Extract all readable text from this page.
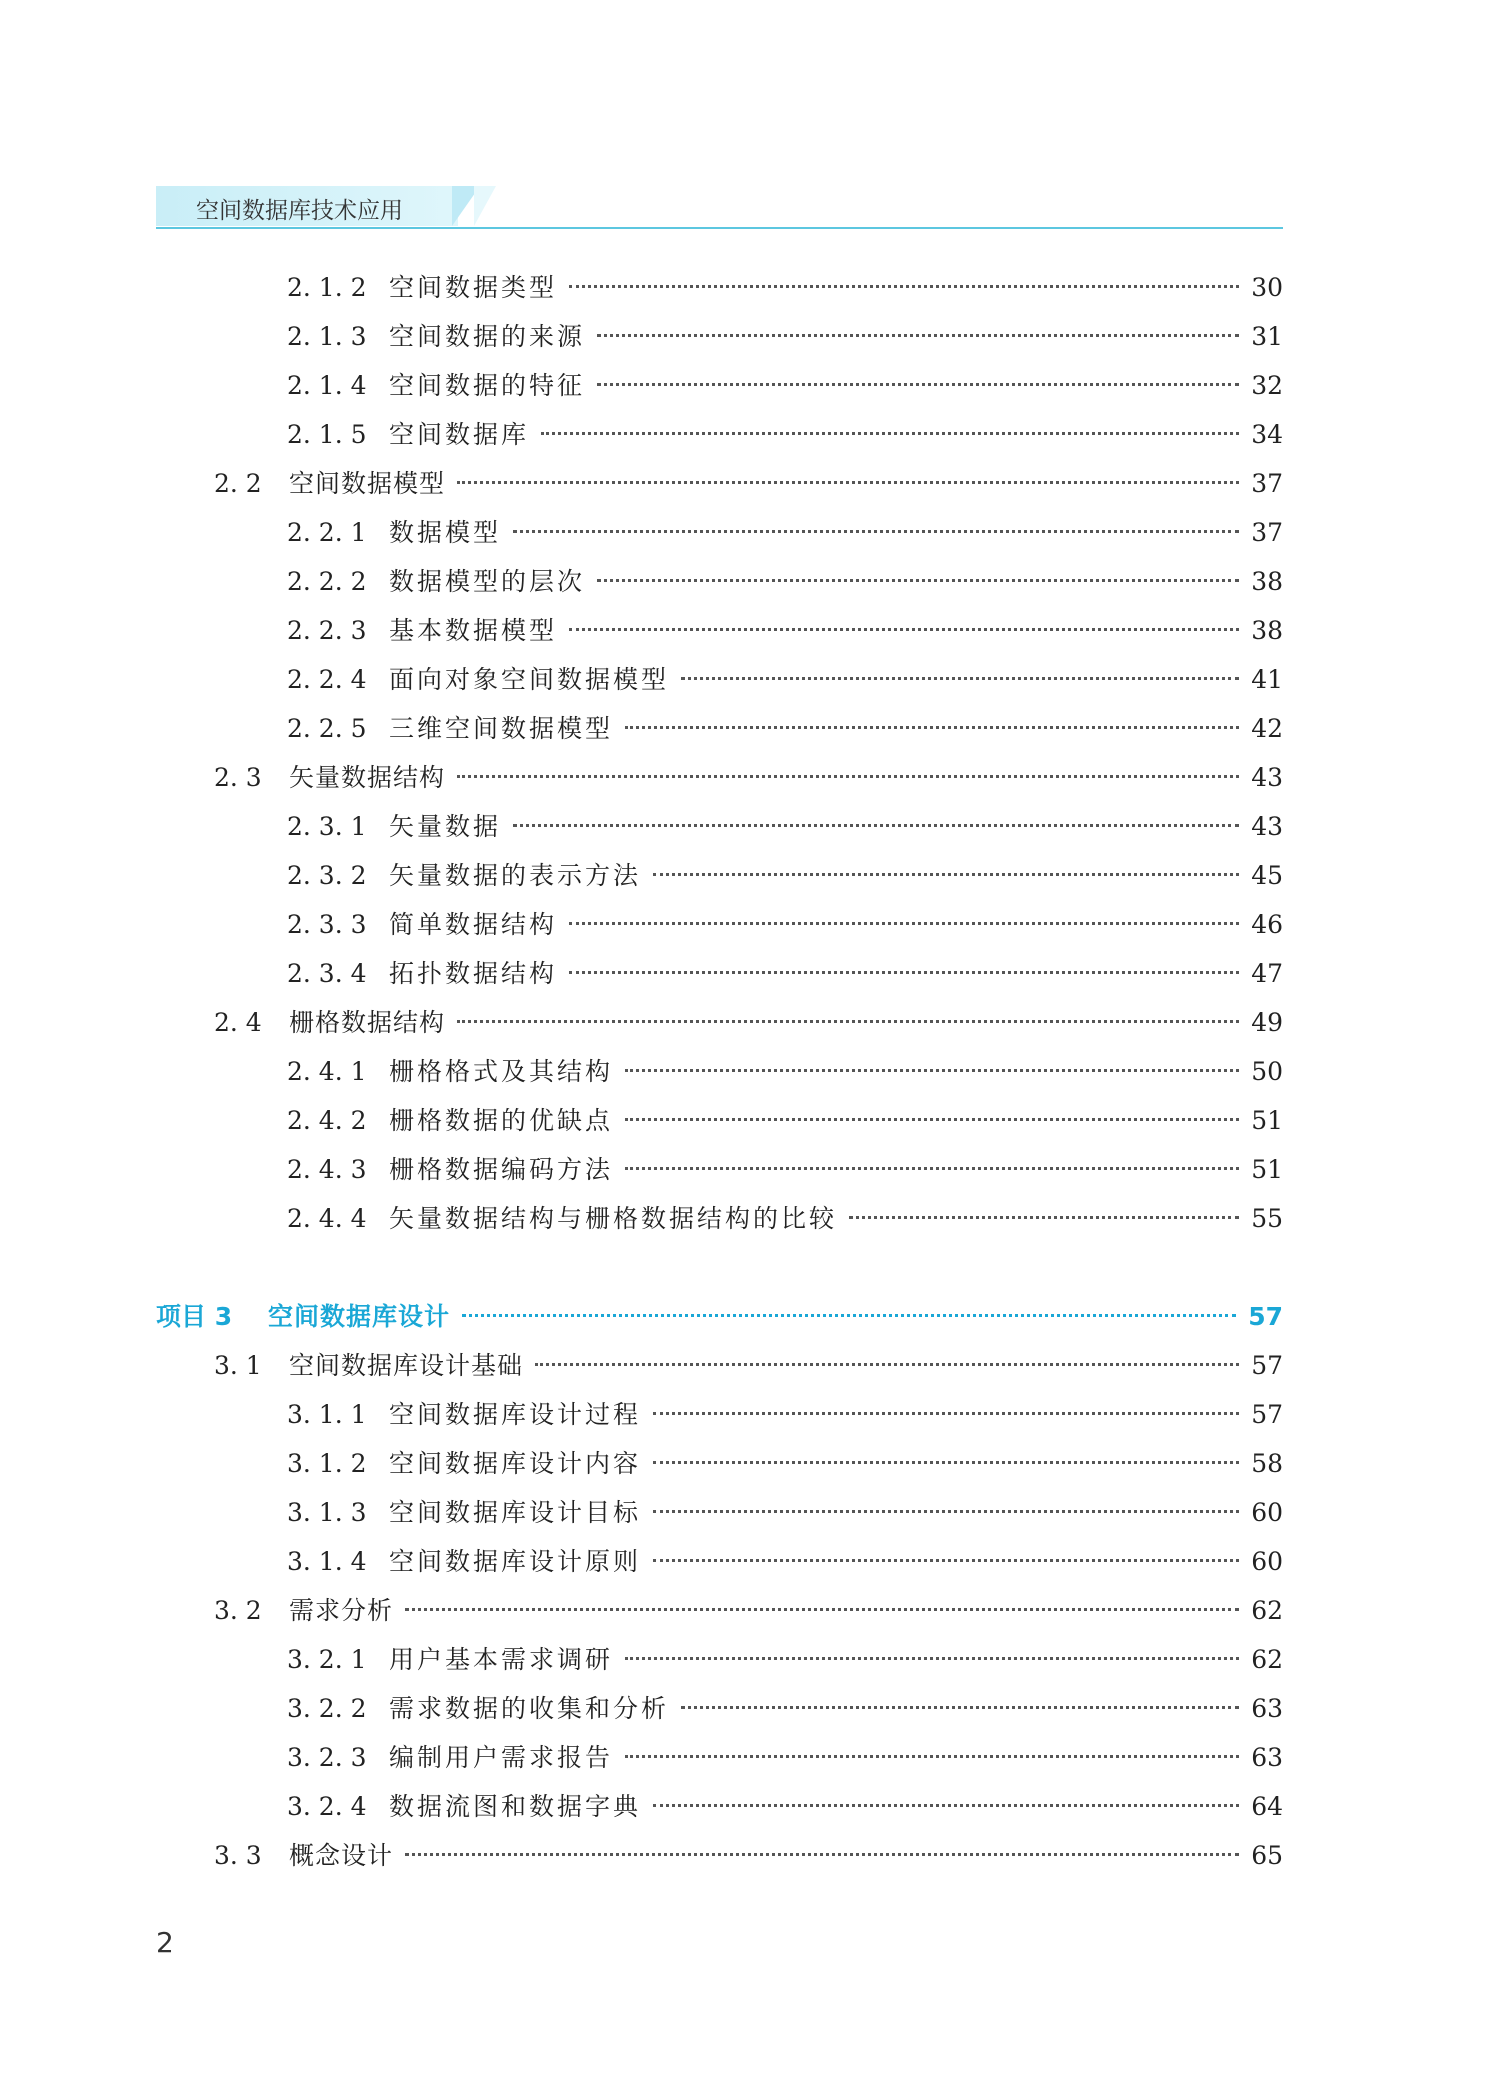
空间数据库技术应用
2. 1. 2 空间数据类型	30
2. 1. 3 空间数据的来源	31
2. 1. 4 空间数据的特征	32
2. 1. 5 空间数据库	34
2. 2	空间数据模型	37
2. 2. 1 数据模型	37
2. 2. 2 数据模型的层次	38
2. 2. 3 基本数据模型	38
2. 2. 4 面向对象空间数据模型	41
2. 2. 5 三维空间数据模型	42
2. 3	矢量数据结构	43
2. 3. 1 矢量数据	43
2. 3. 2 矢量数据的表示方法	45
2. 3. 3 简单数据结构	46
2. 3. 4 拓扑数据结构	47
2. 4	栅格数据结构	49
2. 4. 1 栅格格式及其结构	50
2. 4. 2 栅格数据的优缺点	51
2. 4. 3 栅格数据编码方法	51
2. 4. 4 矢量数据结构与栅格数据结构的比较	55
项目 3	空间数据库设计	57
3. 1	空间数据库设计基础	57
3. 1. 1 空间数据库设计过程	57
3. 1. 2 空间数据库设计内容	58
3. 1. 3 空间数据库设计目标	60
3. 1. 4 空间数据库设计原则	60
3. 2	需求分析	62
3. 2. 1 用户基本需求调研	62
3. 2. 2 需求数据的收集和分析	63
3. 2. 3 编制用户需求报告	63
3. 2. 4 数据流图和数据字典	64
3. 3	概念设计	65
2
